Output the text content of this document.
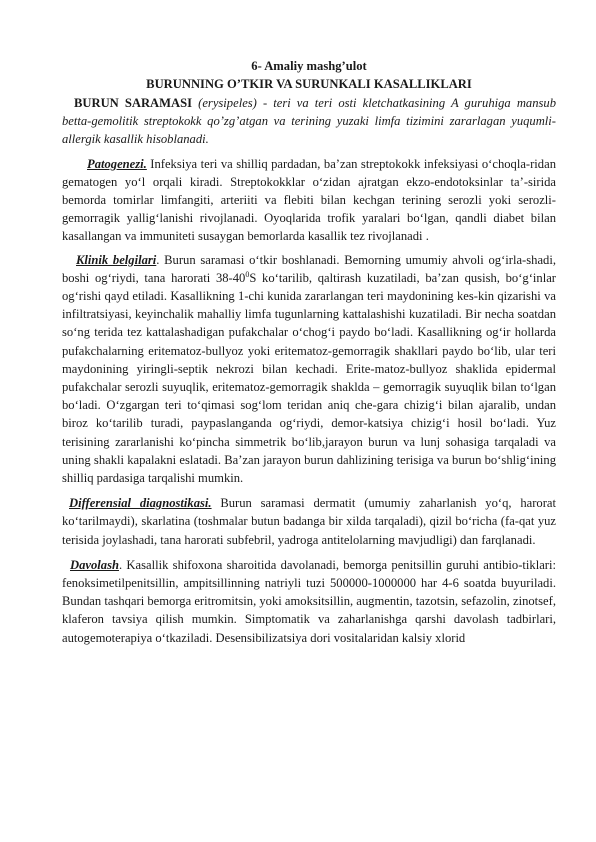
6- Amaliy mashg’ulot
BURUNNING O’TKIR VA SURUNKALI KASALLIKLARI

BURUN SARAMASI (erysipeles) - teri va teri osti kletchatkasining A guruhiga mansub betta-gemolitik streptokokk qo’zg’atgan va terining yuzaki limfa tizimini zararlagan yuqumli-allergik kasallik hisoblanadi.

Patogenezi. Infeksiya teri va shilliq pardadan, ba’zan streptokokk infeksiyasi o‘choqla-ridan gematogen yo‘l orqali kiradi. Streptokokklar o‘zidan ajratgan ekzo-endotoksinlar ta’-sirida bemorda tomirlar limfangiti, arteriiti va flebiti bilan kechgan terining serozli yoki serozli-gemorragik yallig‘lanishi rivojlanadi. Oyoqlarida trofik yaralari bo‘lgan, qandli diabet bilan kasallangan va immuniteti susaygan bemorlarda kasallik tez rivojlanadi .

Klinik belgilari. Burun saramasi o‘tkir boshlanadi. Bemorning umumiy ahvoli og‘irla-shadi, boshi og‘riydi, tana harorati $38-40^0S$ ko‘tarilib, qaltirash kuzatiladi, ba’zan qusish, bo‘g‘inlar og‘rishi qayd etiladi. Kasallikning 1-chi kunida zararlangan teri maydonining kes-kin qizarishi va infiltratsiyasi, keyinchalik mahalliy limfa tugunlarning kattalashishi kuzatiladi. Bir necha soatdan so‘ng terida tez kattalashadigan pufakchalar o‘chog‘i paydo bo‘ladi. Kasallikning og‘ir hollarda pufakchalarning eritematoz-bullyoz yoki eritematoz-gemorragik shakllari paydo bo‘lib, ular teri maydonining yiringli-septik nekrozi bilan kechadi. Erite-matoz-bullyoz shaklida epidermal pufakchalar serozli suyuqlik, eritematoz-gemorragik shaklda – gemorragik suyuqlik bilan to‘lgan bo‘ladi. O‘zgargan teri to‘qimasi sog‘lom teridan aniq che-gara chizig‘i bilan ajaralib, undan biroz ko‘tarilib turadi, paypaslanganda og‘riydi, demor-katsiya chizig‘i hosil bo‘ladi. Yuz terisining zararlanishi ko‘pincha simmetrik bo‘lib,jarayon burun va lunj sohasiga tarqaladi va uning shakli kapalakni eslatadi. Ba’zan jarayon burun dahlizining terisiga va burun bo‘shlig‘ining shilliq pardasiga tarqalishi mumkin.

Differensial diagnostikasi. Burun saramasi dermatit (umumiy zaharlanish yo‘q, harorat ko‘tarilmaydi), skarlatina (toshmalar butun badanga bir xilda tarqaladi), qizil bo‘richa (fa-qat yuz terisida joylashadi, tana harorati subfebril, yadroga antitelolarning mavjudligi) dan farqlanadi.

Davolash. Kasallik shifoxona sharoitida davolanadi, bemorga penitsillin guruhi antibio-tiklari: fenoksimetilpenitsillin, ampitsillinning natriyli tuzi 500000-1000000 har 4-6 soatda buyuriladi. Bundan tashqari bemorga eritromitsin, yoki amoksitsillin, augmentin, tazotsin, sefazolin, zinotsef, klaferon tavsiya qilish mumkin. Simptomatik va zaharlanishga qarshi davolash tadbirlari, autogemoterapiya o‘tkaziladi. Desensibilizatsiya dori vositalaridan kalsiy xlorid
